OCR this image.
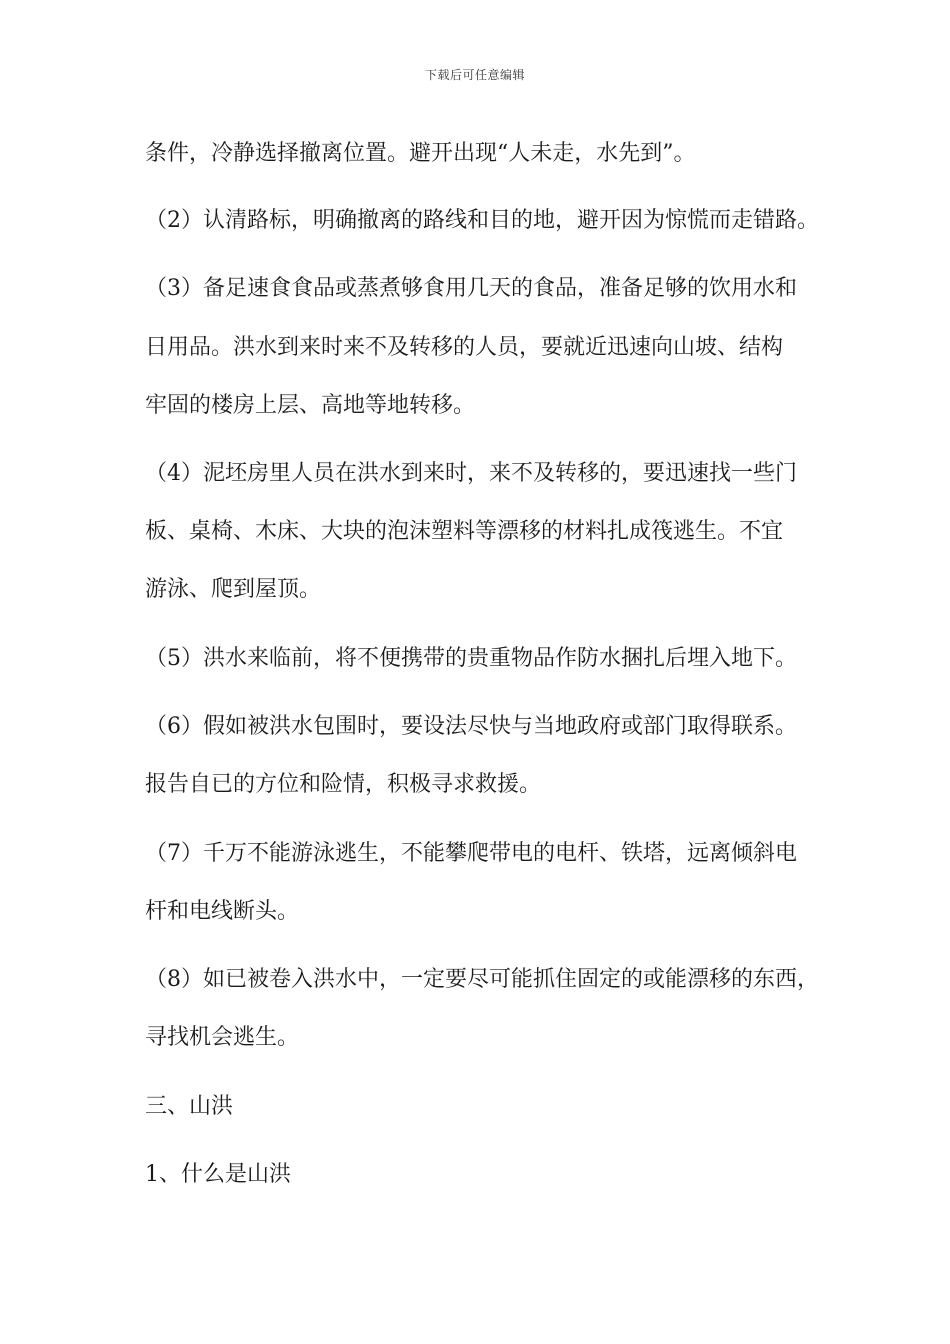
下载后可任意编辑
条件，冷静选择撤离位置。避开出现“人未走，水先到”。
（2）认清路标，明确撤离的路线和目的地，避开因为惊慌而走错路。
（3）备足速食食品或蒸煮够食用几天的食品，准备足够的饮用水和
日用品。洪水到来时来不及转移的人员，要就近迅速向山坡、结构
牢固的楼房上层、高地等地转移。
（4）泥坯房里人员在洪水到来时，来不及转移的，要迅速找一些门
板、桌椅、木床、大块的泡沫塑料等漂移的材料扎成筏逃生。不宜
游泳、爬到屋顶。
（5）洪水来临前，将不便携带的贵重物品作防水捆扎后埋入地下。
（6）假如被洪水包围时，要设法尽快与当地政府或部门取得联系。
报告自已的方位和险情，积极寻求救援。
（7）千万不能游泳逃生，不能攀爬带电的电杆、铁塔，远离倾斜电
杆和电线断头。
（8）如已被卷入洪水中，一定要尽可能抓住固定的或能漂移的东西，
寻找机会逃生。
三、山洪
1、什么是山洪
